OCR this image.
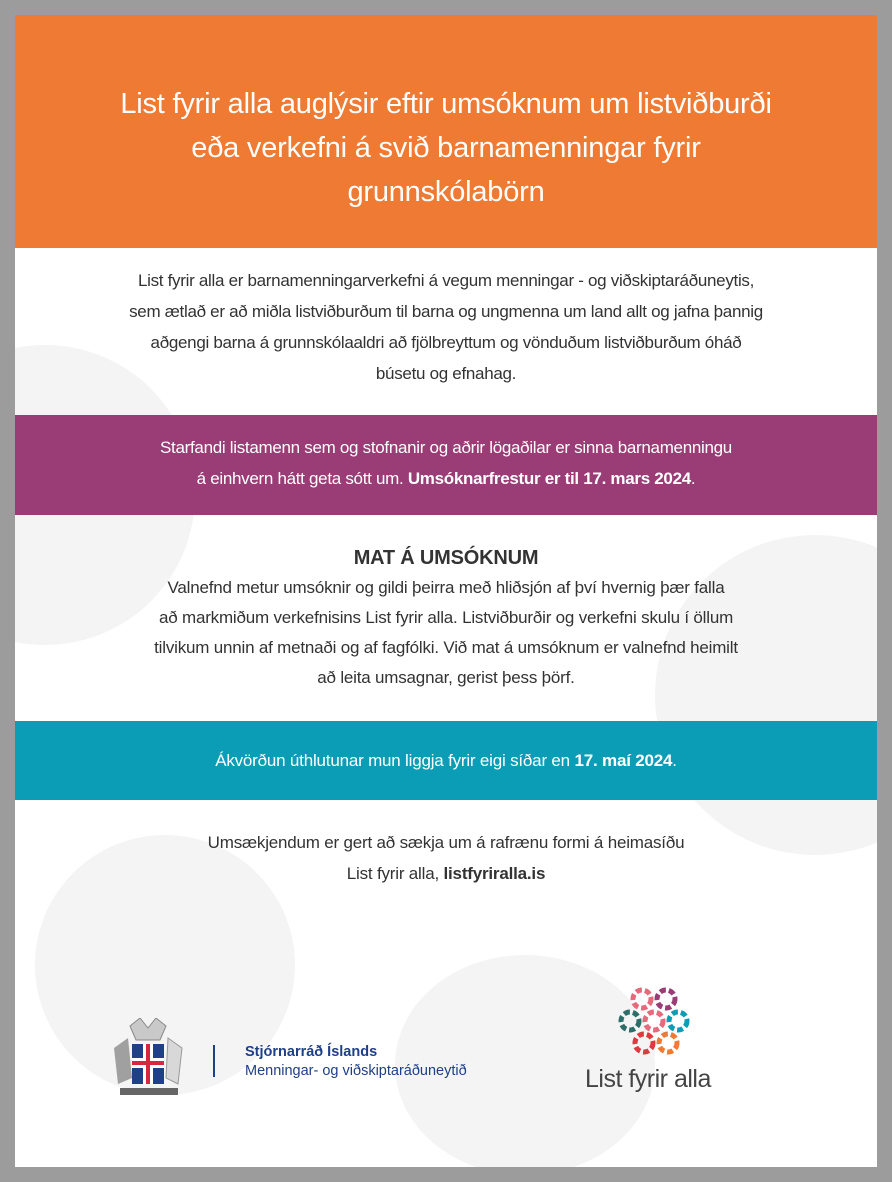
List fyrir alla auglýsir eftir umsóknum um listviðburði
eða verkefni á svið barnamenningar fyrir
grunnskólabörn
List fyrir alla er barnamenningarverkefni á vegum menningar - og viðskiptaráðuneytis,
sem ætlað er að miðla listviðburðum til barna og ungmenna um land allt og jafna þannig
aðgengi barna á grunnskólaaldri að fjölbreyttum og vönduðum listviðburðum óháð
búsetu og efnahag.
Starfandi listamenn sem og stofnanir og aðrir lögaðilar er sinna barnamenningu
á einhvern hátt geta sótt um. Umsóknarfrestur er til 17. mars 2024.
MAT Á UMSÓKNUM
Valnefnd metur umsóknir og gildi þeirra með hliðsjón af því hvernig þær falla
að markmiðum verkefnisins List fyrir alla. Listviðburðir og verkefni skulu í öllum
tilvikum unnin af metnaði og af fagfólki. Við mat á umsóknum er valnefnd heimilt
að leita umsagnar, gerist þess þörf.
Ákvörðun úthlutunar mun liggja fyrir eigi síðar en 17. maí 2024.
Umsækjendum er gert að sækja um á rafrænu formi á heimasíðu
List fyrir alla, listfyriralla.is
Stjórnarráð Íslands
Menningar- og viðskiptaráðuneytið	List fyrir alla
